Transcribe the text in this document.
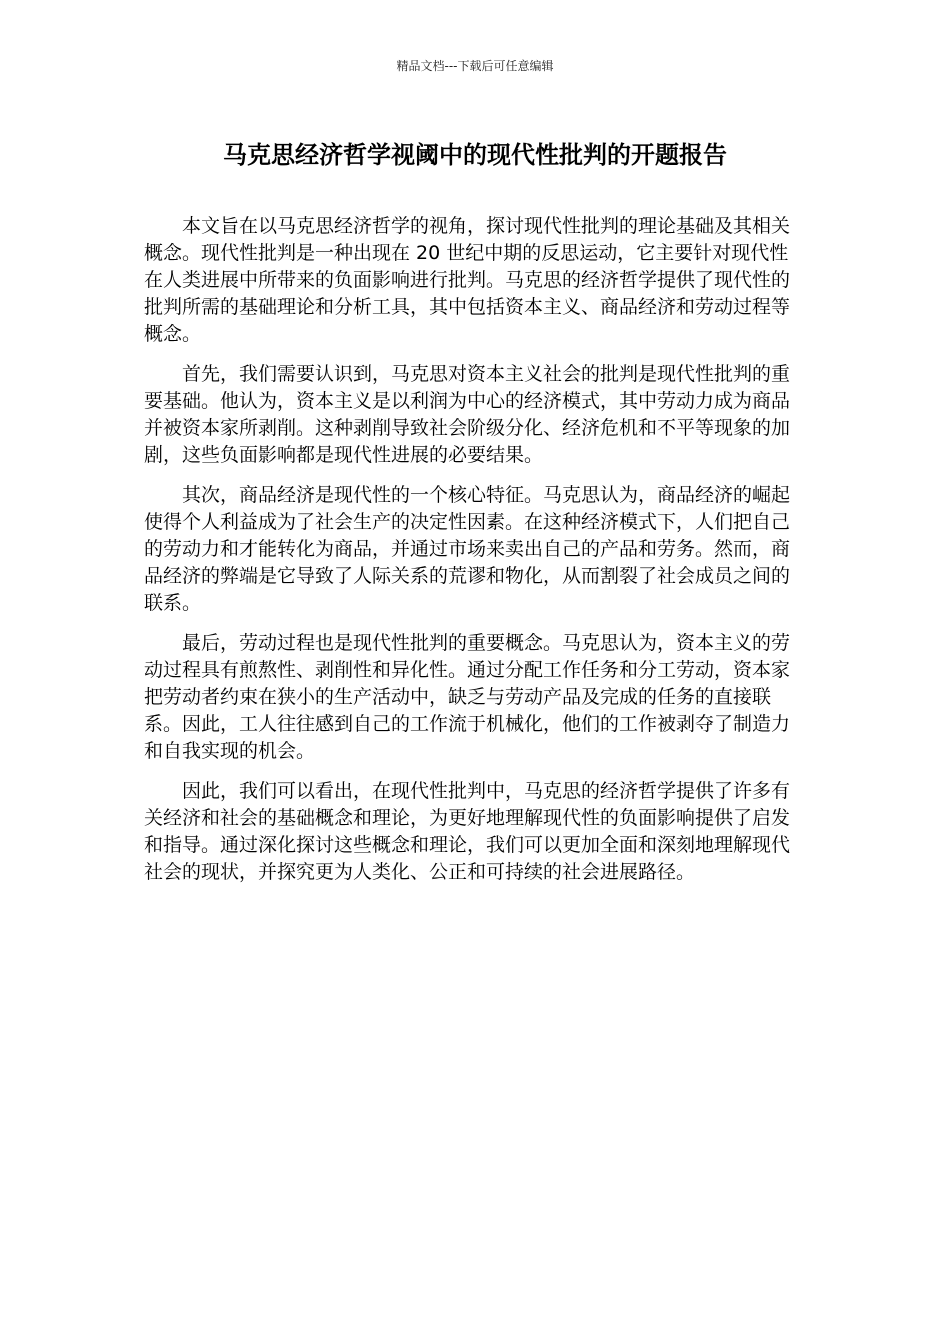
精品文档---下载后可任意编辑
马克思经济哲学视阈中的现代性批判的开题报告

本文旨在以马克思经济哲学的视角，探讨现代性批判的理论基础及其相关概念。现代性批判是一种出现在 20 世纪中期的反思运动，它主要针对现代性在人类进展中所带来的负面影响进行批判。马克思的经济哲学提供了现代性的批判所需的基础理论和分析工具，其中包括资本主义、商品经济和劳动过程等概念。

首先，我们需要认识到，马克思对资本主义社会的批判是现代性批判的重要基础。他认为，资本主义是以利润为中心的经济模式，其中劳动力成为商品并被资本家所剥削。这种剥削导致社会阶级分化、经济危机和不平等现象的加剧，这些负面影响都是现代性进展的必要结果。

其次，商品经济是现代性的一个核心特征。马克思认为，商品经济的崛起使得个人利益成为了社会生产的决定性因素。在这种经济模式下，人们把自己的劳动力和才能转化为商品，并通过市场来卖出自己的产品和劳务。然而，商品经济的弊端是它导致了人际关系的荒谬和物化，从而割裂了社会成员之间的联系。

最后，劳动过程也是现代性批判的重要概念。马克思认为，资本主义的劳动过程具有煎熬性、剥削性和异化性。通过分配工作任务和分工劳动，资本家把劳动者约束在狭小的生产活动中，缺乏与劳动产品及完成的任务的直接联系。因此，工人往往感到自己的工作流于机械化，他们的工作被剥夺了制造力和自我实现的机会。

因此，我们可以看出，在现代性批判中，马克思的经济哲学提供了许多有关经济和社会的基础概念和理论，为更好地理解现代性的负面影响提供了启发和指导。通过深化探讨这些概念和理论，我们可以更加全面和深刻地理解现代社会的现状，并探究更为人类化、公正和可持续的社会进展路径。
